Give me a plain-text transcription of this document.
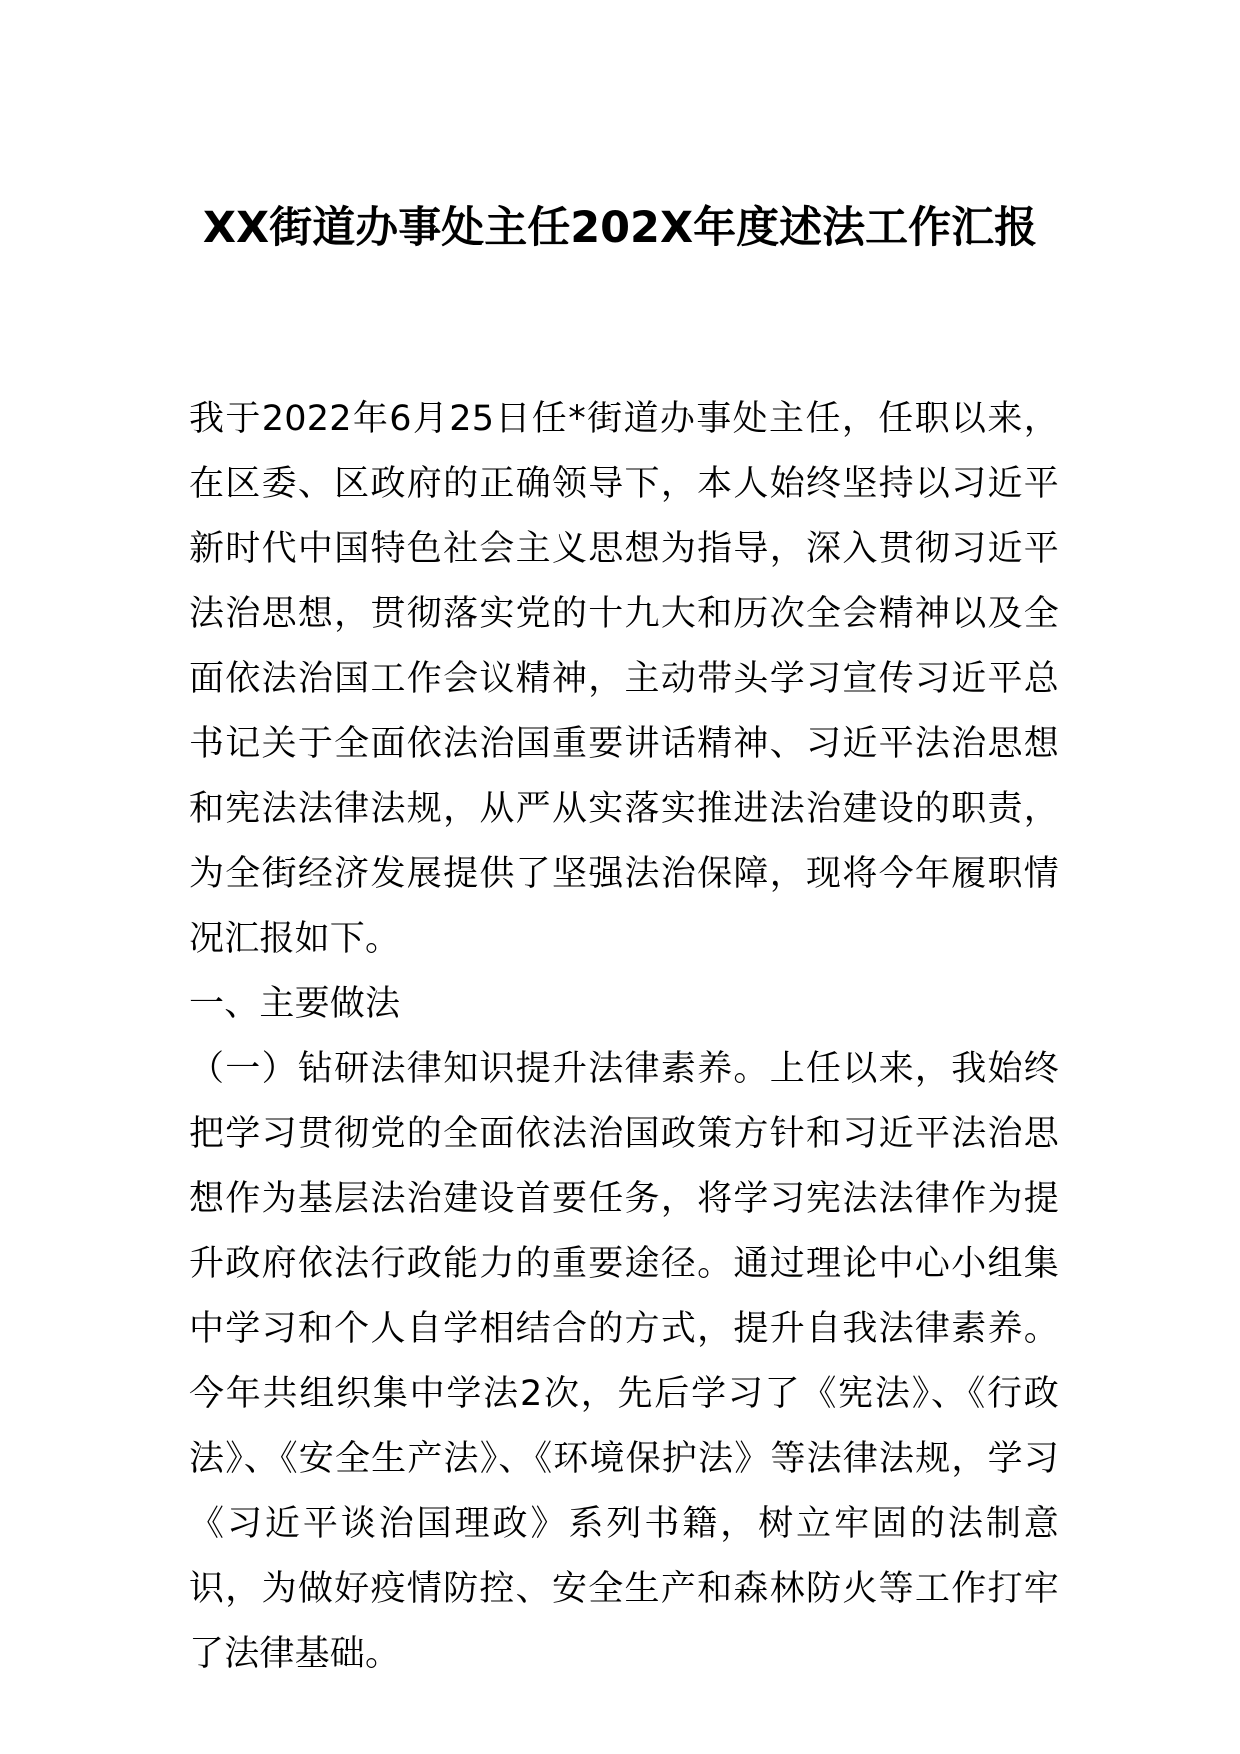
XX街道办事处主任202X年度述法工作汇报

我于2022年6月25日任*街道办事处主任，任职以来，在区委、区政府的正确领导下，本人始终坚持以习近平新时代中国特色社会主义思想为指导，深入贯彻习近平法治思想，贯彻落实党的十九大和历次全会精神以及全面依法治国工作会议精神，主动带头学习宣传习近平总书记关于全面依法治国重要讲话精神、习近平法治思想和宪法法律法规，从严从实落实推进法治建设的职责，为全街经济发展提供了坚强法治保障，现将今年履职情况汇报如下。

一、主要做法

（一）钻研法律知识提升法律素养。上任以来，我始终把学习贯彻党的全面依法治国政策方针和习近平法治思想作为基层法治建设首要任务，将学习宪法法律作为提升政府依法行政能力的重要途径。通过理论中心小组集中学习和个人自学相结合的方式，提升自我法律素养。今年共组织集中学法2次，先后学习了《宪法》、《行政法》、《安全生产法》、《环境保护法》等法律法规，学习《习近平谈治国理政》系列书籍，树立牢固的法制意识，为做好疫情防控、安全生产和森林防火等工作打牢了法律基础。
